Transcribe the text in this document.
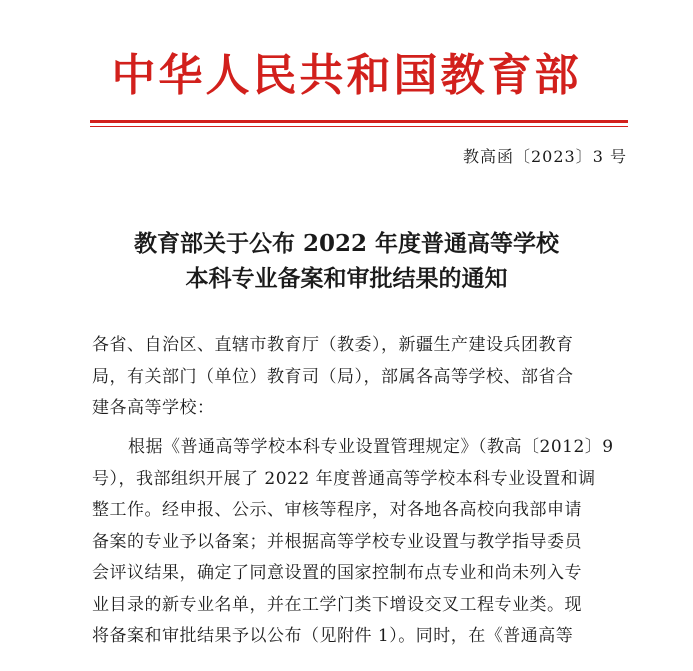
中华人民共和国教育部
教高函〔2023〕3 号
教育部关于公布 2022 年度普通高等学校
本科专业备案和审批结果的通知
各省、自治区、直辖市教育厅（教委），新疆生产建设兵团教育
局，有关部门（单位）教育司（局），部属各高等学校、部省合
建各高等学校：
根据《普通高等学校本科专业设置管理规定》（教高〔2012〕9
号），我部组织开展了 2022 年度普通高等学校本科专业设置和调
整工作。经申报、公示、审核等程序，对各地各高校向我部申请
备案的专业予以备案；并根据高等学校专业设置与教学指导委员
会评议结果，确定了同意设置的国家控制布点专业和尚未列入专
业目录的新专业名单，并在工学门类下增设交叉工程专业类。现
将备案和审批结果予以公布（见附件 1）。同时，在《普通高等
